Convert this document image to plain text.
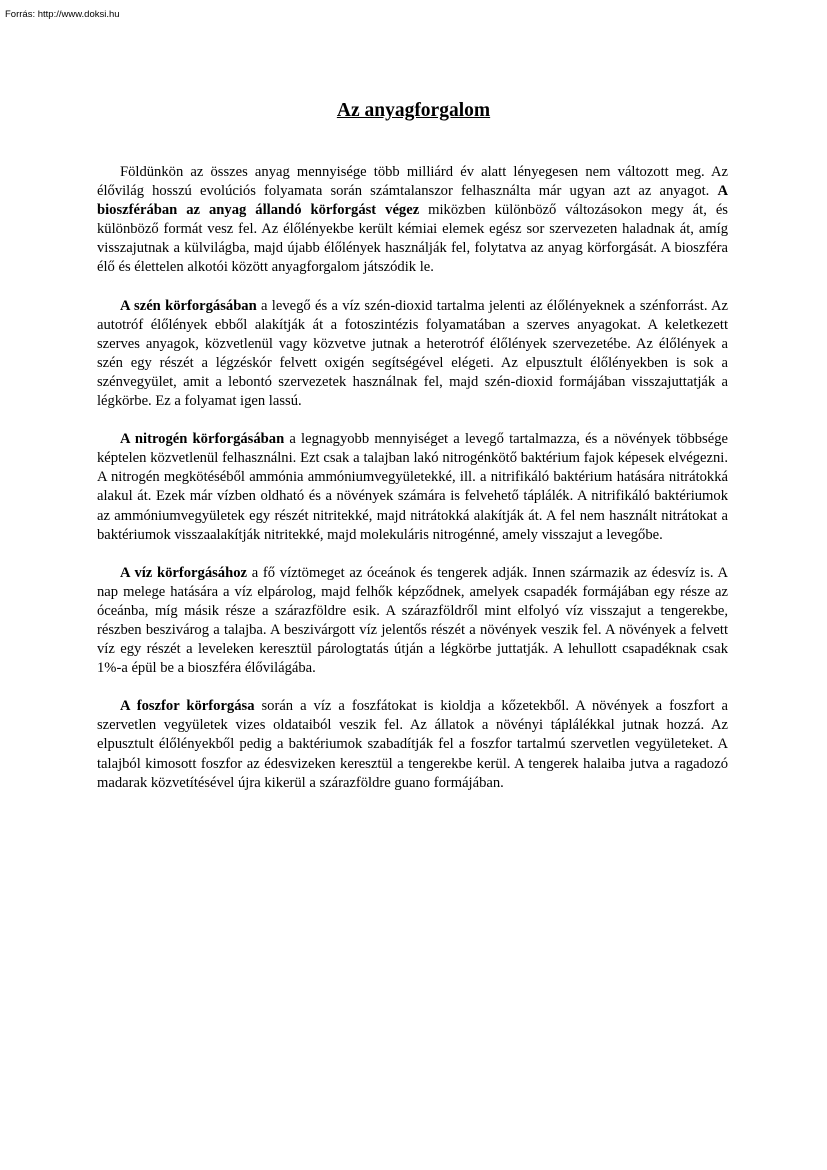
Forrás: http://www.doksi.hu
Az anyagforgalom

Földünkön az összes anyag mennyisége több milliárd év alatt lényegesen nem változott meg. Az élővilág hosszú evolúciós folyamata során számtalanszor felhasználta már ugyan azt az anyagot. A bioszférában az anyag állandó körforgást végez miközben különböző változásokon megy át, és különböző formát vesz fel. Az élőlényekbe került kémiai elemek egész sor szervezeten haladnak át, amíg visszajutnak a külvilágba, majd újabb élőlények használják fel, folytatva az anyag körforgását. A bioszféra élő és élettelen alkotói között anyagforgalom játszódik le.

A szén körforgásában a levegő és a víz szén-dioxid tartalma jelenti az élőlényeknek a szénforrást. Az autotróf élőlények ebből alakítják át a fotoszintézis folyamatában a szerves anyagokat. A keletkezett szerves anyagok, közvetlenül vagy közvetve jutnak a heterotróf élőlények szervezetébe. Az élőlények a szén egy részét a légzéskór felvett oxigén segítségével elégeti. Az elpusztult élőlényekben is sok a szénvegyület, amit a lebontó szervezetek használnak fel, majd szén-dioxid formájában visszajuttatják a légkörbe. Ez a folyamat igen lassú.

A nitrogén körforgásában a legnagyobb mennyiséget a levegő tartalmazza, és a növények többsége képtelen közvetlenül felhasználni. Ezt csak a talajban lakó nitrogénkötő baktérium fajok képesek elvégezni. A nitrogén megkötéséből ammónia ammóniumvegyületekké, ill. a nitrifikáló baktérium hatására nitrátokká alakul át. Ezek már vízben oldható és a növények számára is felvehető táplálék. A nitrifikáló baktériumok az ammóniumvegyületek egy részét nitritekké, majd nitrátokká alakítják át. A fel nem használt nitrátokat a baktériumok visszaalakítják nitritekké, majd molekuláris nitrogénné, amely visszajut a levegőbe.

A víz körforgásához a fő víztömeget az óceánok és tengerek adják. Innen származik az édesvíz is. A nap melege hatására a víz elpárolog, majd felhők képződnek, amelyek csapadék formájában egy része az óceánba, míg másik része a szárazföldre esik. A szárazföldről mint elfolyó víz visszajut a tengerekbe, részben beszivárog a talajba. A beszivárgott víz jelentős részét a növények veszik fel. A növények a felvett víz egy részét a leveleken keresztül párologtatás útján a légkörbe juttatják. A lehullott csapadéknak csak 1%-a épül be a bioszféra élővilágába.

A foszfor körforgása során a víz a foszfátokat is kioldja a kőzetekből. A növények a foszfort a szervetlen vegyületek vizes oldataiból veszik fel. Az állatok a növényi táplálékkal jutnak hozzá. Az elpusztult élőlényekből pedig a baktériumok szabadítják fel a foszfor tartalmú szervetlen vegyületeket. A talajból kimosott foszfor az édesvizeken keresztül a tengerekbe kerül. A tengerek halaiba jutva a ragadozó madarak közvetítésével újra kikerül a szárazföldre guano formájában.
